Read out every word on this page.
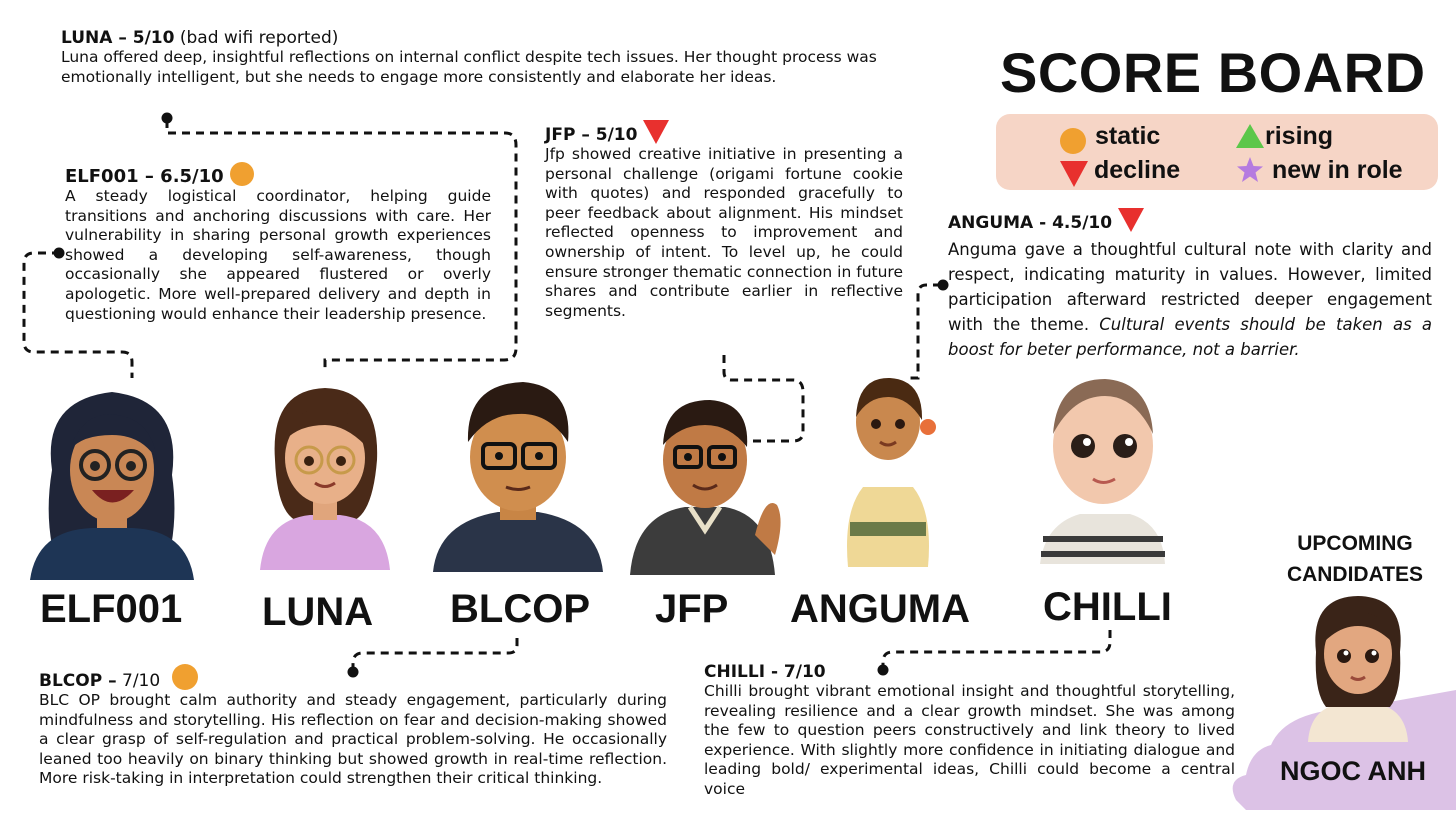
SCORE BOARD
static	rising
decline	new in role
LUNA – 5/10 (bad wifi reported)
Luna offered deep, insightful reflections on internal conflict despite tech issues. Her thought process was emotionally intelligent, but she needs to engage more consistently and elaborate her ideas.
ELF001 – 6.5/10
A steady logistical coordinator, helping guide transitions and anchoring discussions with care. Her vulnerability in sharing personal growth experiences showed a developing self-awareness, though occasionally she appeared flustered or overly apologetic. More well-prepared delivery and depth in questioning would enhance their leadership presence.
JFP – 5/10
Jfp showed creative initiative in presenting a personal challenge (origami fortune cookie with quotes) and responded gracefully to peer feedback about alignment. His mindset reflected openness to improvement and ownership of intent. To level up, he could ensure stronger thematic connection in future shares and contribute earlier in reflective segments.
ANGUMA - 4.5/10
Anguma gave a thoughtful cultural note with clarity and respect, indicating maturity in values. However, limited participation afterward restricted deeper engagement with the theme. Cultural events should be taken as a boost for beter performance, not a barrier.
BLCOP – 7/10
BLC OP brought calm authority and steady engagement, particularly during mindfulness and storytelling. His reflection on fear and decision-making showed a clear grasp of self-regulation and practical problem-solving. He occasionally leaned too heavily on binary thinking but showed growth in real-time reflection. More risk-taking in interpretation could strengthen their critical thinking.
CHILLI - 7/10
Chilli brought vibrant emotional insight and thoughtful storytelling, revealing resilience and a clear growth mindset. She was among the few to question peers constructively and link theory to lived experience. With slightly more confidence in initiating dialogue and leading bold/ experimental ideas, Chilli could become a central voice
ELF001 LUNA BLCOP JFP ANGUMA CHILLI
UPCOMING
CANDIDATES
NGOC ANH
